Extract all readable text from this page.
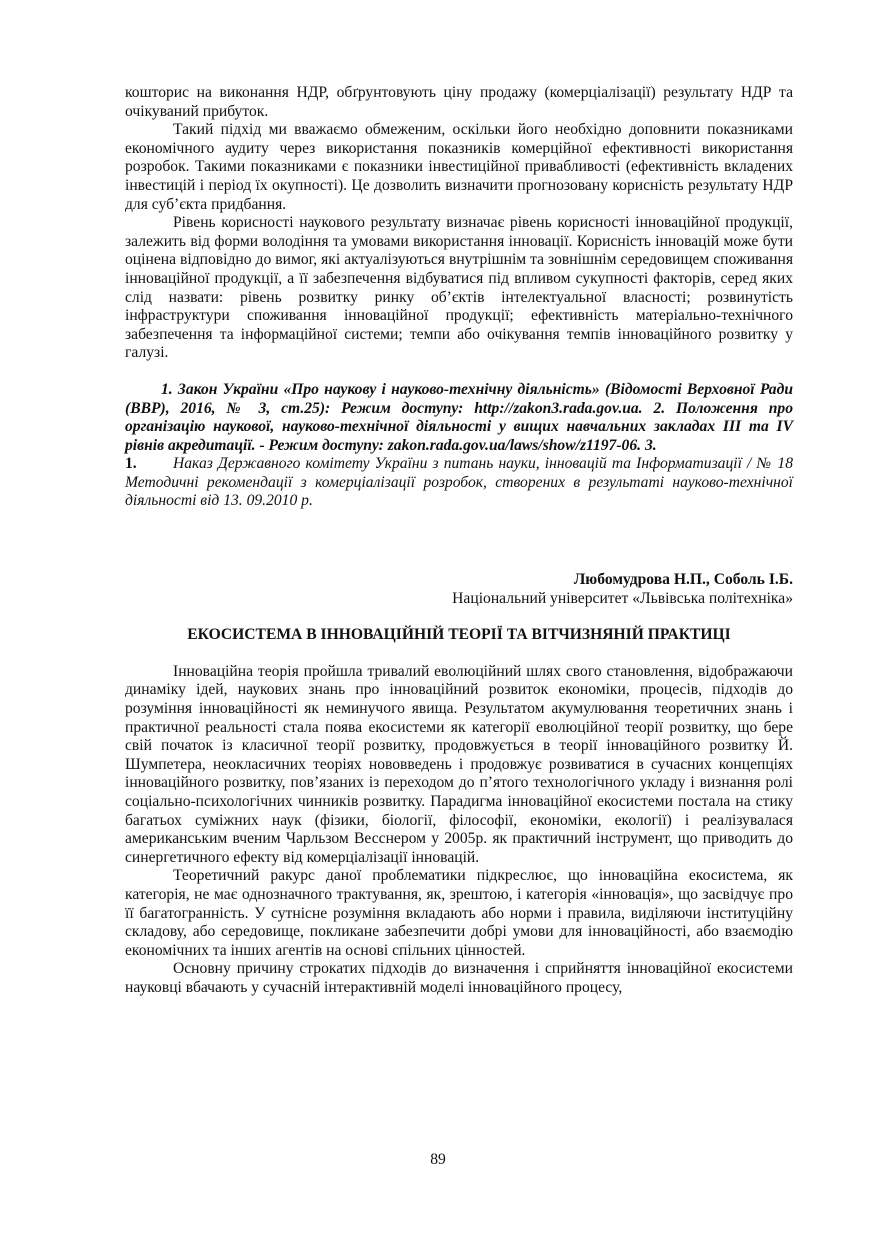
кошторис на виконання НДР, обґрунтовують ціну продажу (комерціалізації) результату НДР та очікуваний прибуток.

Такий підхід ми вважаємо обмеженим, оскільки його необхідно доповнити показниками економічного аудиту через використання показників комерційної ефективності використання розробок. Такими показниками є показники інвестиційної привабливості (ефективність вкладених інвестицій і період їх окупності). Це дозволить визначити прогнозовану корисність результату НДР для суб’єкта придбання.

Рівень корисності наукового результату визначає рівень корисності інноваційної продукції, залежить від форми володіння та умовами використання інновації. Корисність інновацій може бути оцінена відповідно до вимог, які актуалізуються внутрішнім та зовнішнім середовищем споживання інноваційної продукції, а її забезпечення відбуватися під впливом сукупності факторів, серед яких слід назвати: рівень розвитку ринку об’єктів інтелектуальної власності; розвинутість інфраструктури споживання інноваційної продукції; ефективність матеріально-технічного забезпечення та інформаційної системи; темпи або очікування темпів інноваційного розвитку у галузі.

1. Закон України «Про наукову і науково-технічну діяльність» (Відомості Верховної Ради (ВВР), 2016, № 3, ст.25): Режим доступу: http://zakon3.rada.gov.ua. 2. Положення про організацію наукової, науково-технічної діяльності у вищих навчальних закладах ІІІ та IV рівнів акредитації. - Режим доступу: zakon.rada.gov.ua/laws/show/z1197-06. 3.

1. Наказ Державного комітету України з питань науки, інновацій та Інформатизації / № 18 Методичні рекомендації з комерціалізації розробок, створених в результаті науково-технічної діяльності від 13. 09.2010 р.

Любомудрова Н.П., Соболь І.Б.

Національний університет «Львівська політехніка»

ЕКОСИСТЕМА В ІННОВАЦІЙНІЙ ТЕОРІЇ ТА ВІТЧИЗНЯНІЙ ПРАКТИЦІ

Інноваційна теорія пройшла тривалий еволюційний шлях свого становлення, відображаючи динаміку ідей, наукових знань про інноваційний розвиток економіки, процесів, підходів до розуміння інноваційності як неминучого явища. Результатом акумулювання теоретичних знань і практичної реальності стала поява екосистеми як категорії еволюційної теорії розвитку, що бере свій початок із класичної теорії розвитку, продовжується в теорії інноваційного розвитку Й. Шумпетера, неокласичних теоріях нововведень і продовжує розвиватися в сучасних концепціях інноваційного розвитку, пов’язаних із переходом до п’ятого технологічного укладу і визнання ролі соціально-психологічних чинників розвитку. Парадигма інноваційної екосистеми постала на стику багатьох суміжних наук (фізики, біології, філософії, економіки, екології) і реалізувалася американським вченим Чарльзом Весснером у 2005р. як практичний інструмент, що приводить до синергетичного ефекту від комерціалізації інновацій.

Теоретичний ракурс даної проблематики підкреслює, що інноваційна екосистема, як категорія, не має однозначного трактування, як, зрештою, і категорія «інновація», що засвідчує про її багатогранність. У сутнісне розуміння вкладають або норми і правила, виділяючи інституційну складову, або середовище, покликане забезпечити добрі умови для інноваційності, або взаємодію економічних та інших агентів на основі спільних цінностей.

Основну причину строкатих підходів до визначення і сприйняття інноваційної екосистеми науковці вбачають у сучасній інтерактивній моделі інноваційного процесу,

89
